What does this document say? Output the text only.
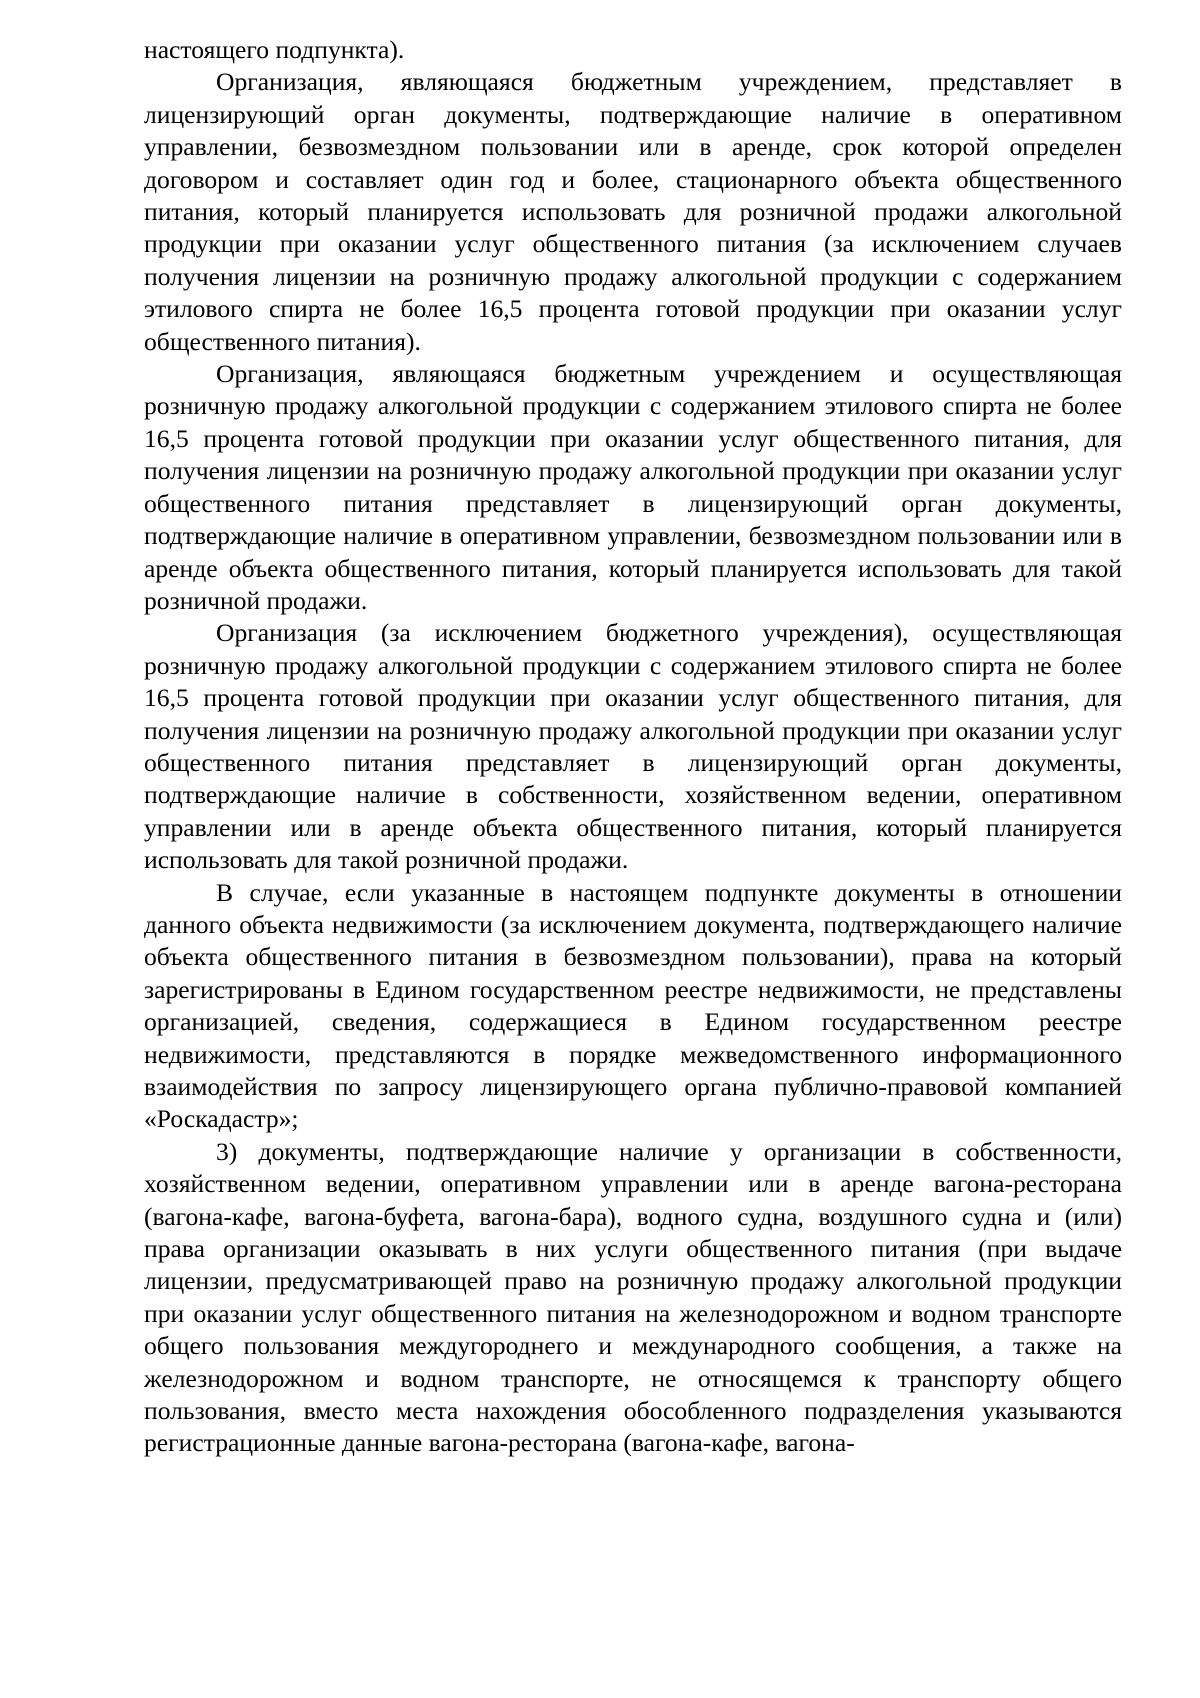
настоящего подпункта).

Организация, являющаяся бюджетным учреждением, представляет в лицензирующий орган документы, подтверждающие наличие в оперативном управлении, безвозмездном пользовании или в аренде, срок которой определен договором и составляет один год и более, стационарного объекта общественного питания, который планируется использовать для розничной продажи алкогольной продукции при оказании услуг общественного питания (за исключением случаев получения лицензии на розничную продажу алкогольной продукции с содержанием этилового спирта не более 16,5 процента готовой продукции при оказании услуг общественного питания).

Организация, являющаяся бюджетным учреждением и осуществляющая розничную продажу алкогольной продукции с содержанием этилового спирта не более 16,5 процента готовой продукции при оказании услуг общественного питания, для получения лицензии на розничную продажу алкогольной продукции при оказании услуг общественного питания представляет в лицензирующий орган документы, подтверждающие наличие в оперативном управлении, безвозмездном пользовании или в аренде объекта общественного питания, который планируется использовать для такой розничной продажи.

Организация (за исключением бюджетного учреждения), осуществляющая розничную продажу алкогольной продукции с содержанием этилового спирта не более 16,5 процента готовой продукции при оказании услуг общественного питания, для получения лицензии на розничную продажу алкогольной продукции при оказании услуг общественного питания представляет в лицензирующий орган документы, подтверждающие наличие в собственности, хозяйственном ведении, оперативном управлении или в аренде объекта общественного питания, который планируется использовать для такой розничной продажи.

В случае, если указанные в настоящем подпункте документы в отношении данного объекта недвижимости (за исключением документа, подтверждающего наличие объекта общественного питания в безвозмездном пользовании), права на который зарегистрированы в Едином государственном реестре недвижимости, не представлены организацией, сведения, содержащиеся в Едином государственном реестре недвижимости, представляются в порядке межведомственного информационного взаимодействия по запросу лицензирующего органа публично-правовой компанией «Роскадастр»;

3) документы, подтверждающие наличие у организации в собственности, хозяйственном ведении, оперативном управлении или в аренде вагона-ресторана (вагона-кафе, вагона-буфета, вагона-бара), водного судна, воздушного судна и (или) права организации оказывать в них услуги общественного питания (при выдаче лицензии, предусматривающей право на розничную продажу алкогольной продукции при оказании услуг общественного питания на железнодорожном и водном транспорте общего пользования междугороднего и международного сообщения, а также на железнодорожном и водном транспорте, не относящемся к транспорту общего пользования, вместо места нахождения обособленного подразделения указываются регистрационные данные вагона-ресторана (вагона-кафе, вагона-
